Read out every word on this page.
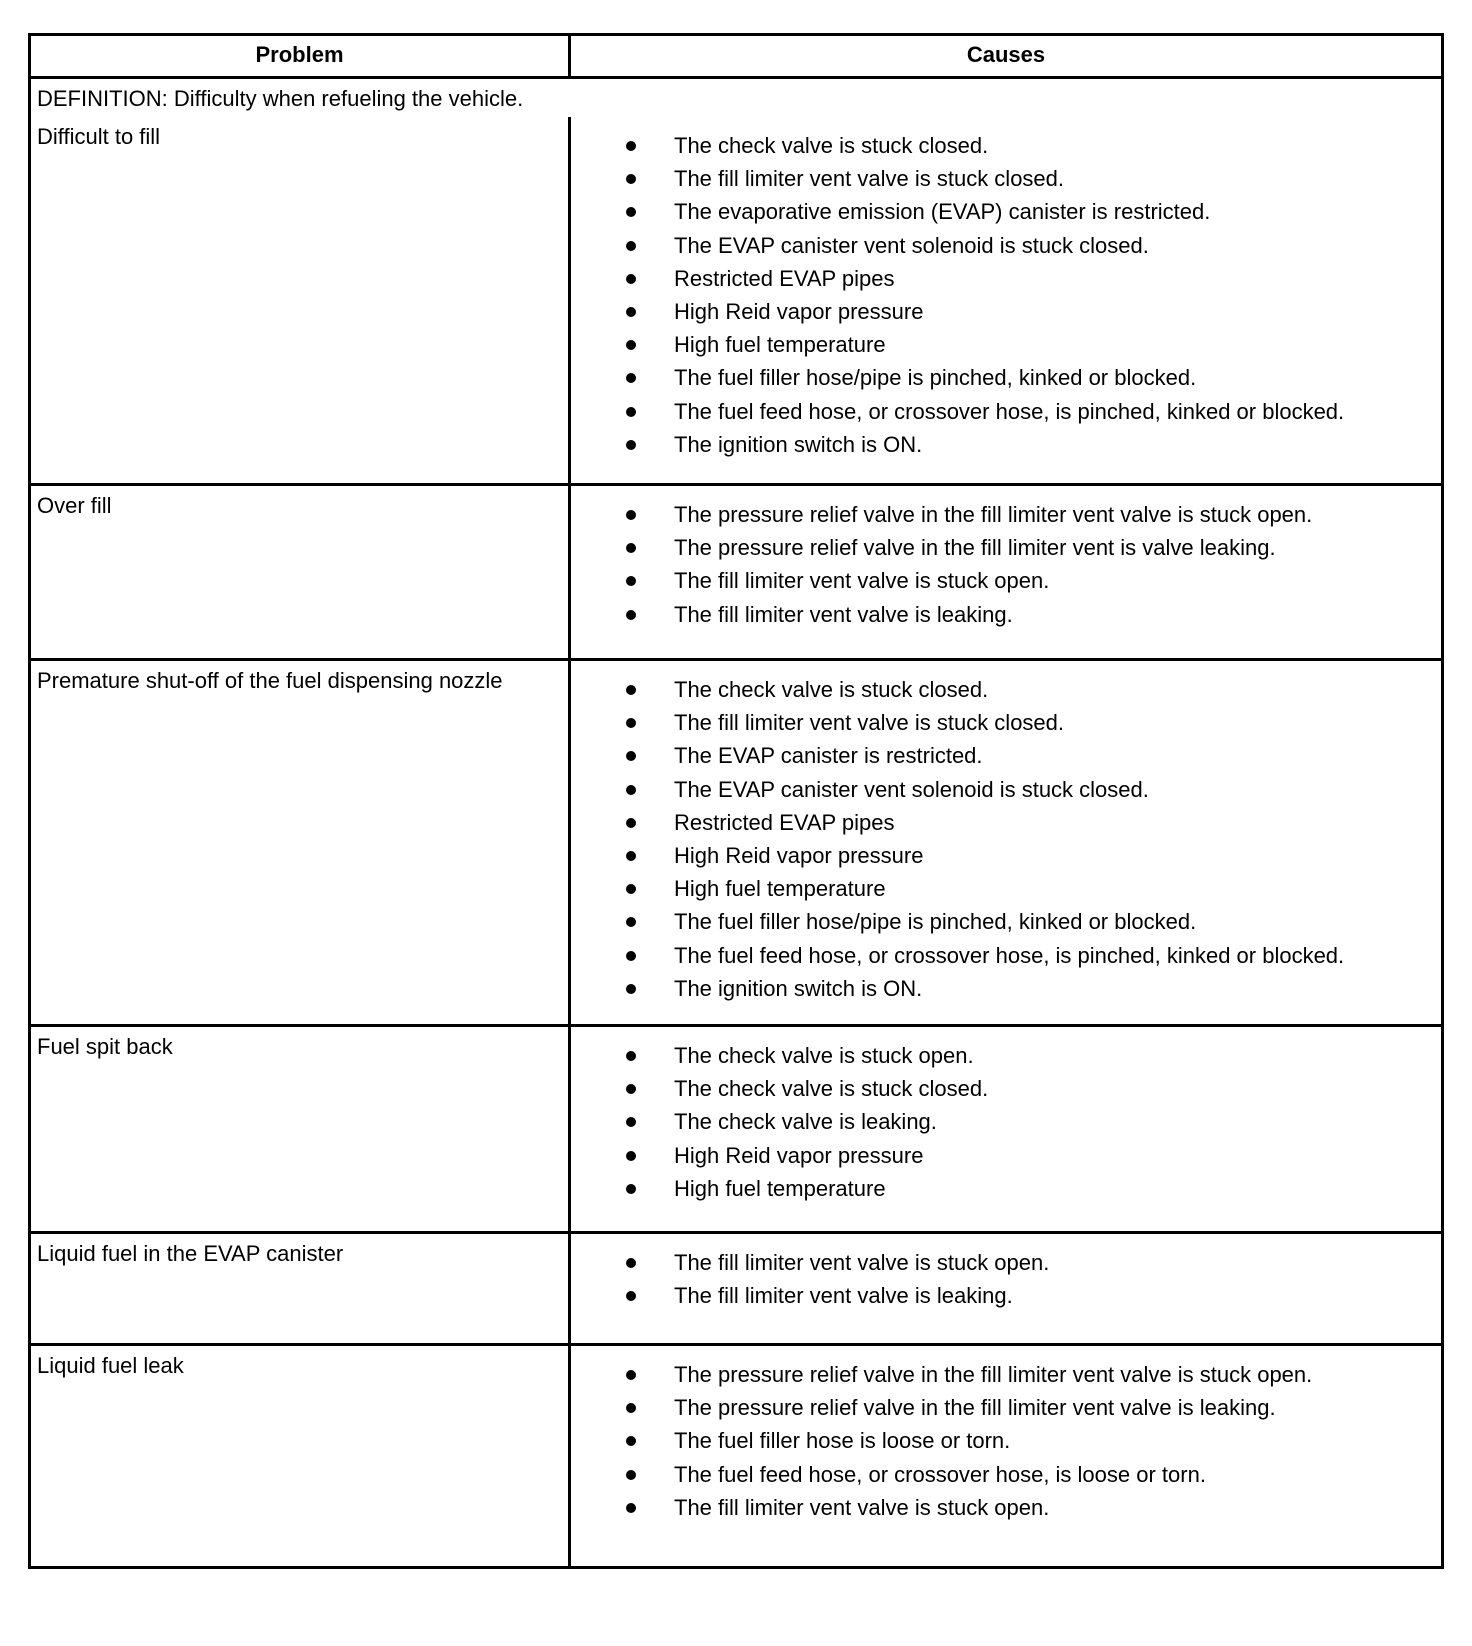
Problem	Causes
DEFINITION: Difficulty when refueling the vehicle.
Difficult to fill	The check valve is stuck closed.
The fill limiter vent valve is stuck closed.
The evaporative emission (EVAP) canister is restricted.
The EVAP canister vent solenoid is stuck closed.
Restricted EVAP pipes
High Reid vapor pressure
High fuel temperature
The fuel filler hose/pipe is pinched, kinked or blocked.
The fuel feed hose, or crossover hose, is pinched, kinked or blocked.
The ignition switch is ON.
Over fill	The pressure relief valve in the fill limiter vent valve is stuck open.
The pressure relief valve in the fill limiter vent is valve leaking.
The fill limiter vent valve is stuck open.
The fill limiter vent valve is leaking.
Premature shut-off of the fuel dispensing nozzle	The check valve is stuck closed.
The fill limiter vent valve is stuck closed.
The EVAP canister is restricted.
The EVAP canister vent solenoid is stuck closed.
Restricted EVAP pipes
High Reid vapor pressure
High fuel temperature
The fuel filler hose/pipe is pinched, kinked or blocked.
The fuel feed hose, or crossover hose, is pinched, kinked or blocked.
The ignition switch is ON.
Fuel spit back	The check valve is stuck open.
The check valve is stuck closed.
The check valve is leaking.
High Reid vapor pressure
High fuel temperature
Liquid fuel in the EVAP canister	The fill limiter vent valve is stuck open.
The fill limiter vent valve is leaking.
Liquid fuel leak	The pressure relief valve in the fill limiter vent valve is stuck open.
The pressure relief valve in the fill limiter vent valve is leaking.
The fuel filler hose is loose or torn.
The fuel feed hose, or crossover hose, is loose or torn.
The fill limiter vent valve is stuck open.
